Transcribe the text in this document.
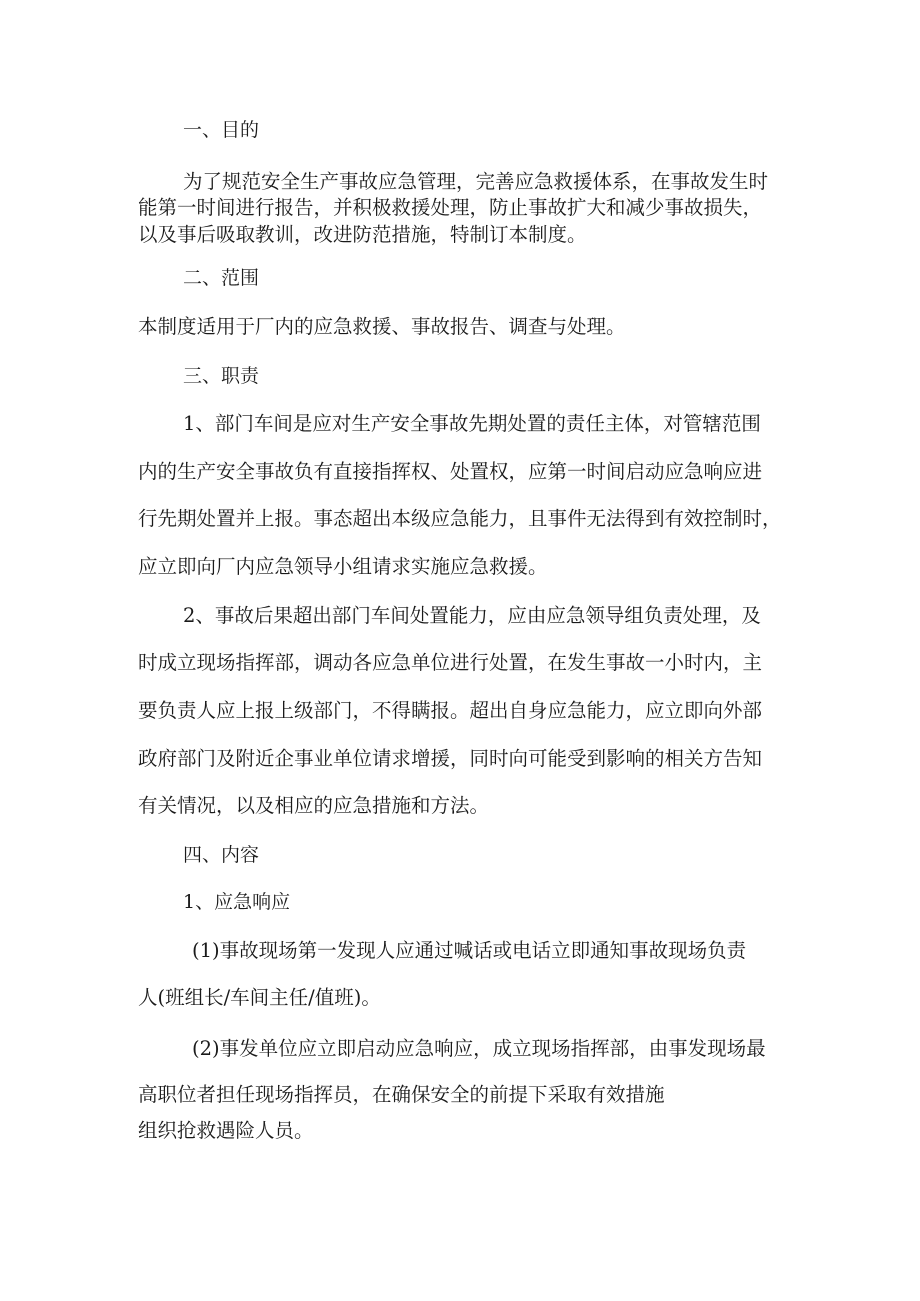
一、目的
为了规范安全生产事故应急管理，完善应急救援体系，在事故发生时
能第一时间进行报告，并积极救援处理，防止事故扩大和减少事故损失，
以及事后吸取教训，改进防范措施，特制订本制度。
二、范围
本制度适用于厂内的应急救援、事故报告、调查与处理。
三、职责
1、部门车间是应对生产安全事故先期处置的责任主体，对管辖范围
内的生产安全事故负有直接指挥权、处置权，应第一时间启动应急响应进
行先期处置并上报。事态超出本级应急能力，且事件无法得到有效控制时，
应立即向厂内应急领导小组请求实施应急救援。
2、事故后果超出部门车间处置能力，应由应急领导组负责处理，及
时成立现场指挥部，调动各应急单位进行处置，在发生事故一小时内，主
要负责人应上报上级部门，不得瞒报。超出自身应急能力，应立即向外部
政府部门及附近企事业单位请求增援，同时向可能受到影响的相关方告知
有关情况，以及相应的应急措施和方法。
四、内容
1、应急响应
(1)事故现场第一发现人应通过喊话或电话立即通知事故现场负责
人(班组长/车间主任/值班)。
(2)事发单位应立即启动应急响应，成立现场指挥部，由事发现场最
高职位者担任现场指挥员，在确保安全的前提下采取有效措施
组织抢救遇险人员。
